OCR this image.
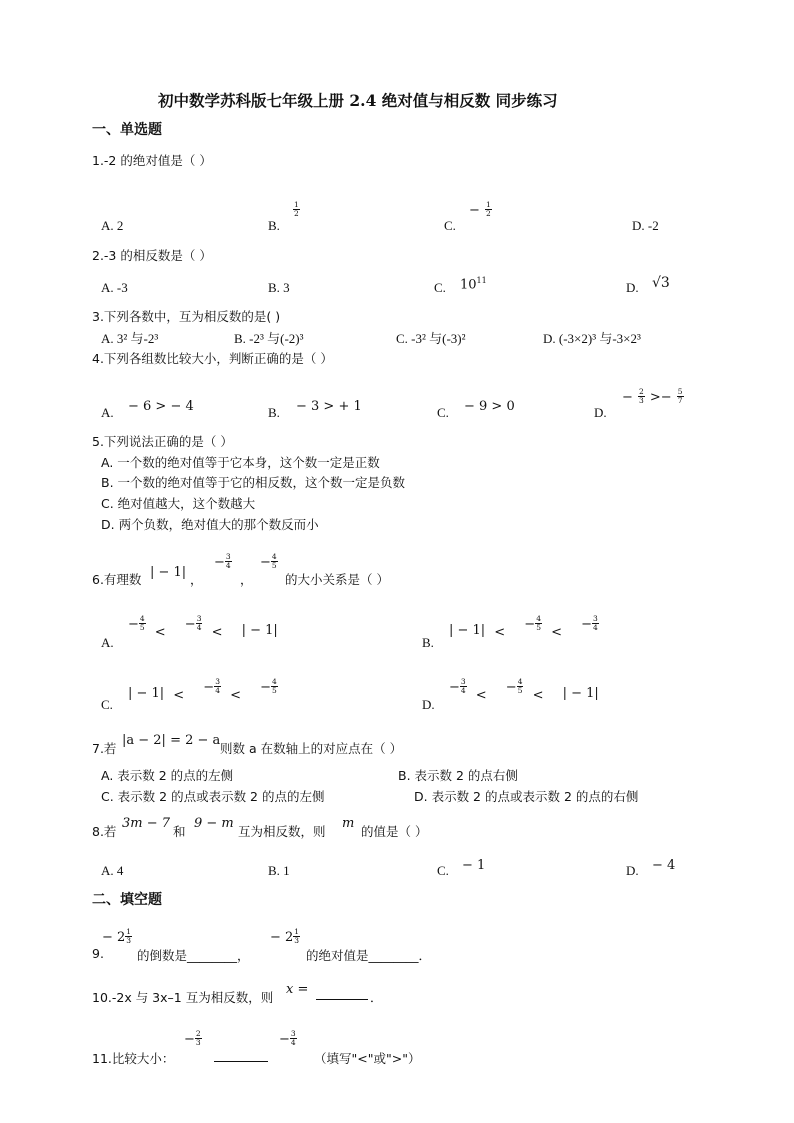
初中数学苏科版七年级上册 2.4 绝对值与相反数 同步练习
一、单选题
1.-2 的绝对值是（ ）
A. 2	B.
$\frac{1}{2}$
C.
− $\frac{1}{2}$
D. -2
2.-3 的相反数是（ ）
A. -3	B. 3	C. $10^{11}$	D. √3
3.下列各数中，互为相反数的是( )
A. 3² 与-2³	B. -2³ 与(-2)³	C. -3² 与(-3)²	D. (-3×2)³ 与-3×2³
4.下列各组数比较大小，判断正确的是（ ）
A. − 6 > − 4	B. − 3 > + 1	C. − 9 > 0	D.
− $\frac{2}{3} >- \frac{5}{7}$
5.下列说法正确的是（ ）
A. 一个数的绝对值等于它本身，这个数一定是正数
B. 一个数的绝对值等于它的相反数，这个数一定是负数
C. 绝对值越大，这个数越大
D. 两个负数，绝对值大的那个数反而小
6.有理数 | − 1| ，
− $\frac{3}{4}$
，
− $\frac{4}{5}$
的大小关系是（ ）
A.
− $\frac{4}{5}$
$_< - \frac{3}{4}$
$_<$ $_{| - 1|}$
B.
$_{| - 1|}$ $_< - \frac{4}{5}$
$_< - \frac{3}{4}$
C.
$_{| - 1|}$ $_< - \frac{3}{4}$
$_< - \frac{4}{5}$
D.
− $\frac{3}{4}$
$_< - \frac{4}{5}$
$_<$ $_{| - 1|}$
7.若
|a − 2| = 2 − a
则数 a 在数轴上的对应点在（ ）
A. 表示数 2 的点的左侧	B. 表示数 2 的点右侧
C. 表示数 2 的点或表示数 2 的点的左侧	D. 表示数 2 的点或表示数 2 的点的右侧
8.若
3m − 7
和
9 − m
互为相反数，则
m
的值是（ ）
A. 4	B. 1	C. − 1	D. − 4
二、填空题
9.
− $2 \frac{1}{3}$
的倒数是________，
− $2 \frac{1}{3}$
的绝对值是________．
10.-2x 与 3x–1 互为相反数，则
x =
．
11.比较大小：
− $\frac{2}{3}$	− $\frac{3}{4}$
（填写"<"或">"）
